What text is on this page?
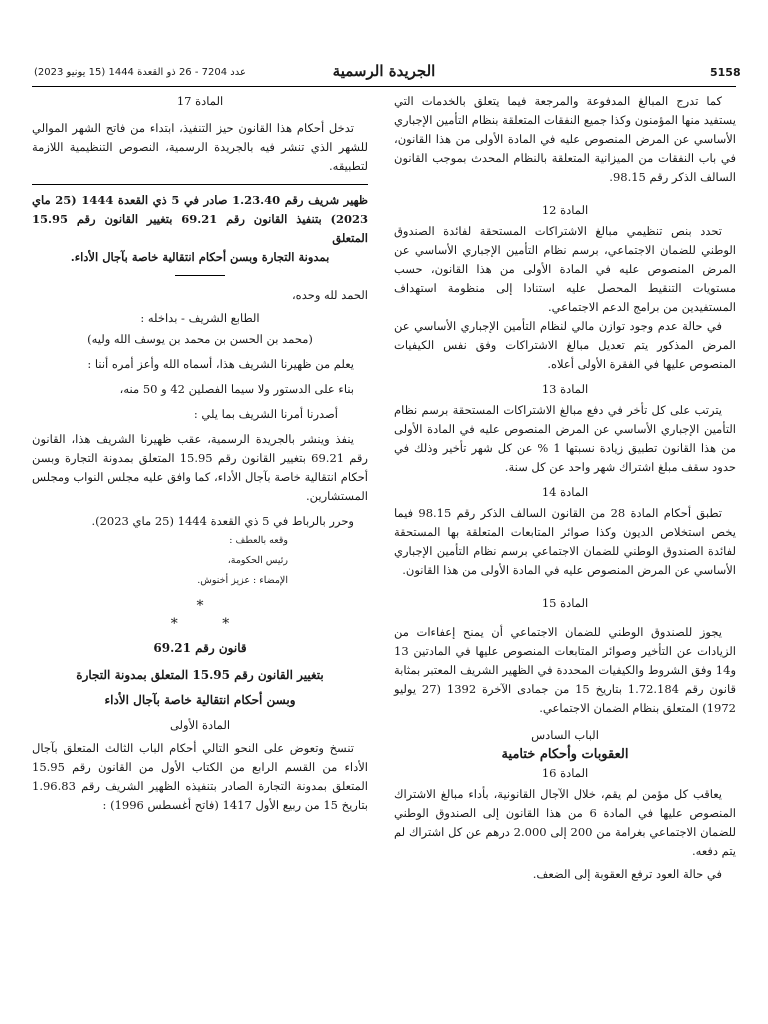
5158
الجريدة الرسمية
عدد 7204 - 26 ذو القعدة 1444 (15 يونيو 2023)

كما تدرج المبالغ المدفوعة والمرجعة فيما يتعلق بالخدمات التي يستفيد منها المؤمنون وكذا جميع النفقات المتعلقة بنظام التأمين الإجباري الأساسي عن المرض المنصوص عليه في المادة الأولى من هذا القانون، في باب النفقات من الميزانية المتعلقة بالنظام المحدث بموجب القانون السالف الذكر رقم 98.15.

المادة 12

تحدد بنص تنظيمي مبالغ الاشتراكات المستحقة لفائدة الصندوق الوطني للضمان الاجتماعي، برسم نظام التأمين الإجباري الأساسي عن المرض المنصوص عليه في المادة الأولى من هذا القانون، حسب مستويات التنقيط المحصل عليه استنادا إلى منظومة استهداف المستفيدين من برامج الدعم الاجتماعي.

في حالة عدم وجود توازن مالي لنظام التأمين الإجباري الأساسي عن المرض المذكور يتم تعديل مبالغ الاشتراكات وفق نفس الكيفيات المنصوص عليها في الفقرة الأولى أعلاه.

المادة 13

يترتب على كل تأخر في دفع مبالغ الاشتراكات المستحقة برسم نظام التأمين الإجباري الأساسي عن المرض المنصوص عليه في المادة الأولى من هذا القانون تطبيق زيادة نسبتها 1 % عن كل شهر تأخير وذلك في حدود سقف مبلغ اشتراك شهر واحد عن كل سنة.

المادة 14

تطبق أحكام المادة 28 من القانون السالف الذكر رقم 98.15 فيما يخص استخلاص الديون وكذا صوائر المتابعات المتعلقة بها المستحقة لفائدة الصندوق الوطني للضمان الاجتماعي برسم نظام التأمين الإجباري الأساسي عن المرض المنصوص عليه في المادة الأولى من هذا القانون.

المادة 15

يجوز للصندوق الوطني للضمان الاجتماعي أن يمنح إعفاءات من الزيادات عن التأخير وصوائر المتابعات المنصوص عليها في المادتين 13 و14 وفق الشروط والكيفيات المحددة في الظهير الشريف المعتبر بمثابة قانون رقم 1.72.184 بتاريخ 15 من جمادى الآخرة 1392 (27 يوليو 1972) المتعلق بنظام الضمان الاجتماعي.

الباب السادس

العقوبات وأحكام ختامية

المادة 16

يعاقب كل مؤمن لم يقم، خلال الآجال القانونية، بأداء مبالغ الاشتراك المنصوص عليها في المادة 6 من هذا القانون إلى الصندوق الوطني للضمان الاجتماعي بغرامة من 200 إلى 2.000 درهم عن كل اشتراك لم يتم دفعه.

في حالة العود ترفع العقوبة إلى الضعف.

المادة 17

تدخل أحكام هذا القانون حيز التنفيذ، ابتداء من فاتح الشهر الموالي للشهر الذي تنشر فيه بالجريدة الرسمية، النصوص التنظيمية اللازمة لتطبيقه.

ظهير شريف رقم 1.23.40 صادر في 5 ذي القعدة 1444 (25 ماي 2023) بتنفيذ القانون رقم 69.21 بتغيير القانون رقم 15.95 المتعلق

بمدونة التجارة وبسن أحكام انتقالية خاصة بآجال الأداء.

الحمد لله وحده،

الطابع الشريف - بداخله :

(محمد بن الحسن بن محمد بن يوسف الله وليه)

يعلم من ظهيرنا الشريف هذا، أسماه الله وأعز أمره أننا :

بناء على الدستور ولا سيما الفصلين 42 و 50 منه،

أصدرنا أمرنا الشريف بما يلي :

ينفذ وينشر بالجريدة الرسمية، عقب ظهيرنا الشريف هذا، القانون رقم 69.21 بتغيير القانون رقم 15.95 المتعلق بمدونة التجارة وبسن أحكام انتقالية خاصة بآجال الأداء، كما وافق عليه مجلس النواب ومجلس المستشارين.

وحرر بالرباط في 5 ذي القعدة 1444 (25 ماي 2023).

وقعه بالعطف :
رئيس الحكومة،
الإمضاء : عزيز أخنوش.
*
*          *

قانون رقم 69.21

بتغيير القانون رقم 15.95 المتعلق بمدونة التجارة

وبسن أحكام انتقالية خاصة بآجال الأداء

المادة الأولى

تنسخ وتعوض على النحو التالي أحكام الباب الثالث المتعلق بآجال الأداء من القسم الرابع من الكتاب الأول من القانون رقم 15.95 المتعلق بمدونة التجارة الصادر بتنفيذه الظهير الشريف رقم 1.96.83 بتاريخ 15 من ربيع الأول 1417 (فاتح أغسطس 1996) :
